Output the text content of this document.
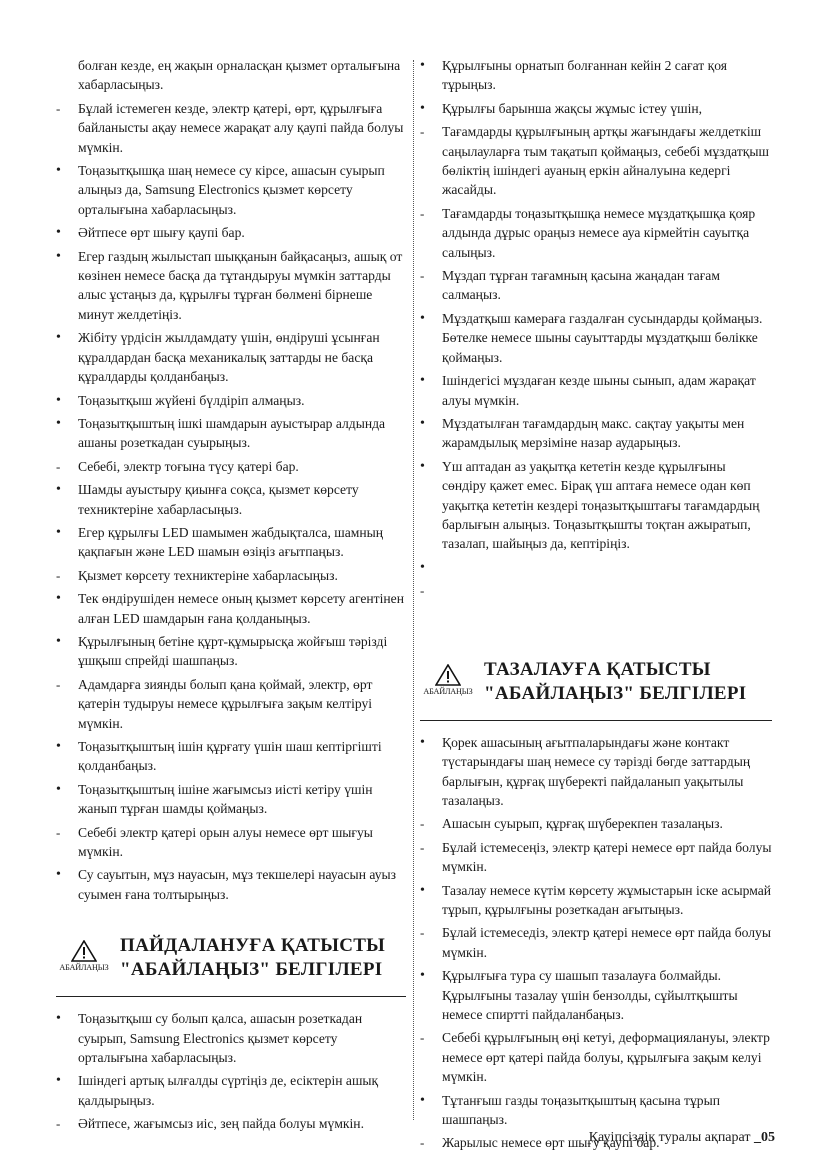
болған кезде, ең жақын орналасқан қызмет орталығына хабарласыңыз.
-	Бұлай істемеген кезде, электр қатері, өрт, құрылғыға байланысты ақау немесе жарақат алу қаупі пайда болуы мүмкін.
•	Тоңазытқышқа шаң немесе су кірсе, ашасын суырып алыңыз да, Samsung Electronics қызмет көрсету орталығына хабарласыңыз.
•	Әйтпесе өрт шығу қаупі бар.
•	Егер газдың жылыстап шыққанын байқасаңыз, ашық от көзінен немесе басқа да тұтандыруы мүмкін заттарды алыс ұстаңыз да, құрылғы тұрған бөлмені бірнеше минут желдетіңіз.
•	Жібіту үрдісін жылдамдату үшін, өндіруші ұсынған құралдардан басқа механикалық заттарды не басқа құралдарды қолданбаңыз.
•	Тоңазытқыш жүйені бүлдіріп алмаңыз.
•	Тоңазытқыштың ішкі шамдарын ауыстырар алдында ашаны розеткадан суырыңыз.
-	Себебі, электр тоғына түсу қатері бар.
•	Шамды ауыстыру қиынға соқса, қызмет көрсету техниктеріне хабарласыңыз.
•	Егер құрылғы LED шамымен жабдықталса, шамның қақпағын және LED шамын өзіңіз ағытпаңыз.
-	Қызмет көрсету техниктеріне хабарласыңыз.
•	Тек өндірушіден немесе оның қызмет көрсету агентінен алған LED шамдарын ғана қолданыңыз.
•	Құрылғының бетіне құрт-құмырысқа жойғыш тәрізді ұшқыш спрейді шашпаңыз.
-	Адамдарға зиянды болып қана қоймай, электр, өрт қатерін тудыруы немесе құрылғыға зақым келтіруі мүмкін.
•	Тоңазытқыштың ішін құрғату үшін шаш кептіргішті қолданбаңыз.
•	Тоңазытқыштың ішіне жағымсыз иісті кетіру үшін жанып тұрған шамды қоймаңыз.
-	Себебі электр қатері орын алуы немесе өрт шығуы мүмкін.
•	Су сауытын, мұз науасын, мұз текшелері науасын ауыз суымен ғана толтырыңыз.
АБАЙЛАҢЫЗ
ПАЙДАЛАНУҒА ҚАТЫСТЫ
"АБАЙЛАҢЫЗ" БЕЛГІЛЕРІ
•	Тоңазытқыш су болып қалса, ашасын розеткадан суырып, Samsung Electronics қызмет көрсету орталығына хабарласыңыз.
•	Ішіндегі артық ылғалды сүртіңіз де, есіктерін ашық қалдырыңыз.
-	Әйтпесе, жағымсыз иіс, зең пайда болуы мүмкін.
•	Құрылғыны орнатып болғаннан кейін 2 сағат қоя тұрыңыз.
•	Құрылғы барынша жақсы жұмыс істеу үшін,
-	Тағамдарды құрылғының артқы жағындағы желдеткіш саңылауларға тым тақатып қоймаңыз, себебі мұздатқыш бөліктің ішіндегі ауаның еркін айналуына кедергі жасайды.
-	Тағамдарды тоңазытқышқа немесе мұздатқышқа қояр алдында дұрыс ораңыз немесе ауа кірмейтін сауытқа салыңыз.
-	Мұздап тұрған тағамның қасына жаңадан тағам салмаңыз.
•	Мұздатқыш камераға газдалған сусындарды қоймаңыз. Бөтелке немесе шыны сауыттарды мұздатқыш бөлікке қоймаңыз.
•	Ішіндегісі мұздаған кезде шыны сынып, адам жарақат алуы мүмкін.
•	Мұздатылған тағамдардың макс. сақтау уақыты мен жарамдылық мерзіміне назар аударыңыз.
•	Үш аптадан аз уақытқа кететін кезде құрылғыны сөндіру қажет емес. Бірақ үш аптаға немесе одан көп уақытқа кететін кездері тоңазытқыштағы тағамдардың барлығын алыңыз. Тоңазытқышты тоқтан ажыратып, тазалап, шайыңыз да, кептіріңіз.
•
-
АБАЙЛАҢЫЗ
ТАЗАЛАУҒА ҚАТЫСТЫ
"АБАЙЛАҢЫЗ" БЕЛГІЛЕРІ
•	Қорек ашасының ағытпаларындағы және контакт түстарындағы шаң немесе су тәрізді бөгде заттардың барлығын, құрғақ шүберекті пайдаланып уақытылы тазалаңыз.
-	Ашасын суырып, құрғақ шүберекпен тазалаңыз.
-	Бұлай істемесеңіз, электр қатері немесе өрт пайда болуы мүмкін.
•	Тазалау немесе күтім көрсету жұмыстарын іске асырмай тұрып, құрылғыны розеткадан ағытыңыз.
-	Бұлай істемеседіз, электр қатері немесе өрт пайда болуы мүмкін.
•	Құрылғыға тура су шашып тазалауға болмайды. Құрылғыны тазалау үшін бензолды, сұйылтқышты немесе спиртті пайдаланбаңыз.
-	Себебі құрылғының өңі кетуі, деформациялануы, электр немесе өрт қатері пайда болуы, құрылғыға зақым келуі мүмкін.
•	Тұтанғыш газды тоңазытқыштың қасына тұрып шашпаңыз.
-	Жарылыс немесе өрт шығу қаупі бар.
Қауіпсіздік туралы ақпарат _05
